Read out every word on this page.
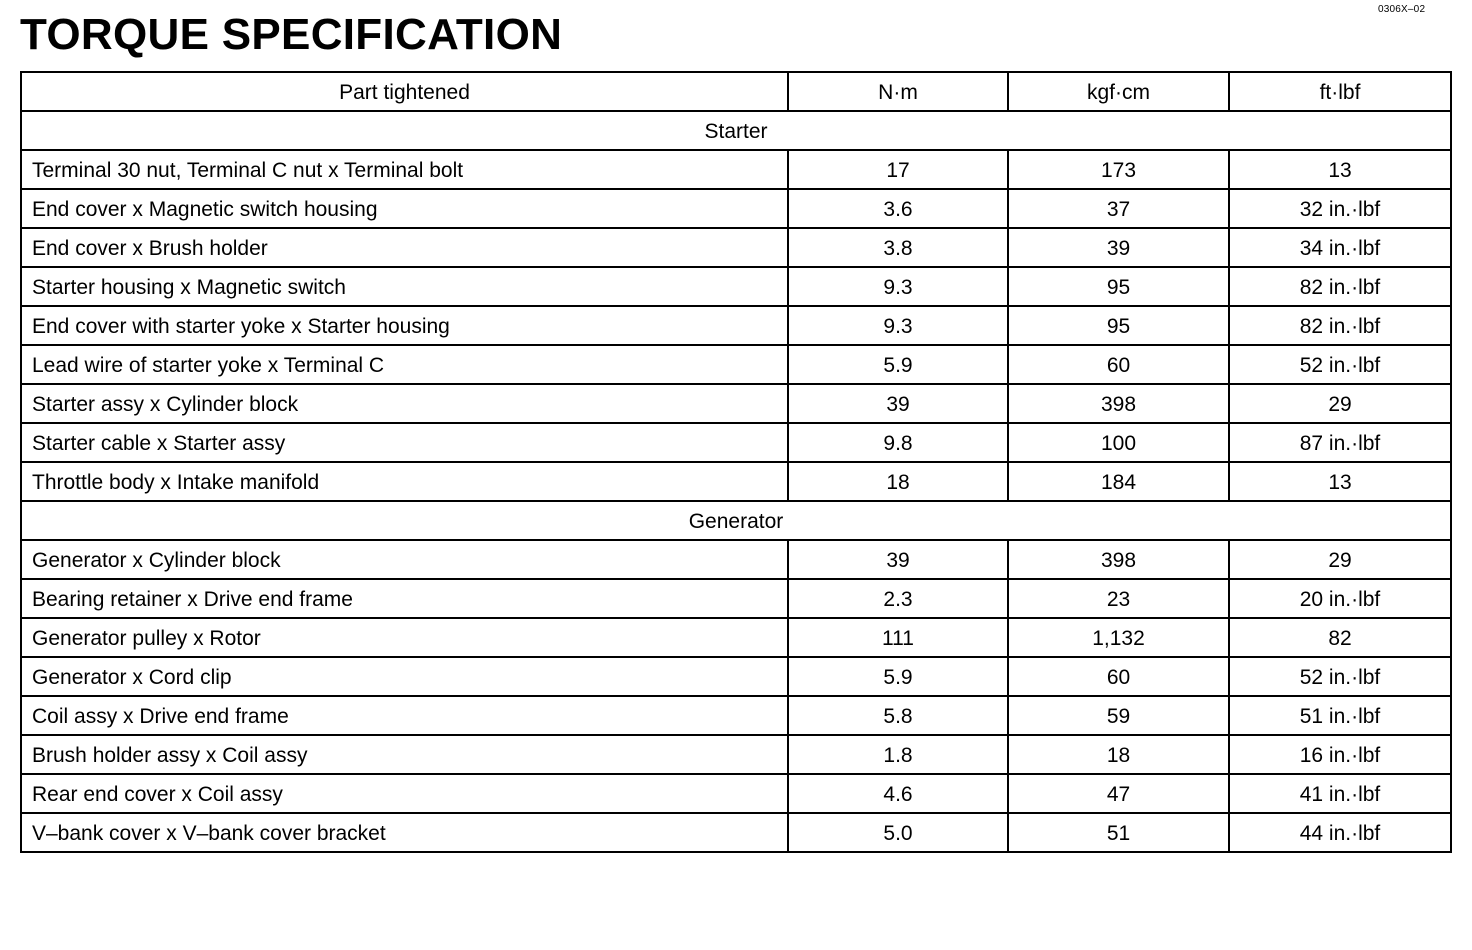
0306X–02
TORQUE SPECIFICATION
Part tightened	N·m	kgf·cm	ft·lbf
Starter			
Terminal 30 nut, Terminal C nut x Terminal bolt	17	173	13
End cover x Magnetic switch housing	3.6	37	32 in.·lbf
End cover x Brush holder	3.8	39	34 in.·lbf
Starter housing x Magnetic switch	9.3	95	82 in.·lbf
End cover with starter yoke x Starter housing	9.3	95	82 in.·lbf
Lead wire of starter yoke x Terminal C	5.9	60	52 in.·lbf
Starter assy x Cylinder block	39	398	29
Starter cable x Starter assy	9.8	100	87 in.·lbf
Throttle body x Intake manifold	18	184	13
Generator			
Generator x Cylinder block	39	398	29
Bearing retainer x Drive end frame	2.3	23	20 in.·lbf
Generator pulley x Rotor	111	1,132	82
Generator x Cord clip	5.9	60	52 in.·lbf
Coil assy x Drive end frame	5.8	59	51 in.·lbf
Brush holder assy x Coil assy	1.8	18	16 in.·lbf
Rear end cover x Coil assy	4.6	47	41 in.·lbf
V–bank cover x V–bank cover bracket	5.0	51	44 in.·lbf
